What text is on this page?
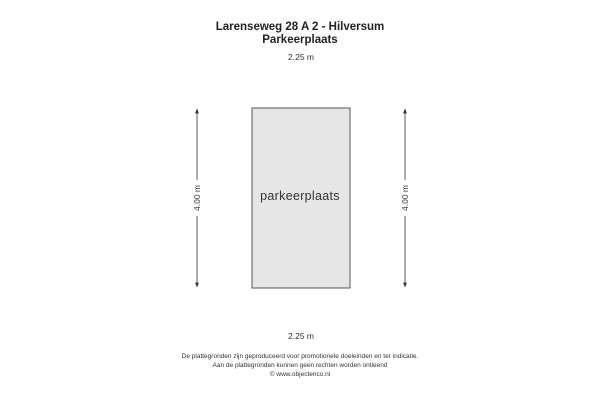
Larenseweg 28 A 2 - Hilversum
Parkeerplaats
2.25 m
2.25 m
4.00 m	4.00 m
parkeerplaats
De plattegronden zijn geproduceerd voor promotionele doeleinden en ter indicatie.
Aan de plattegronden kunnen geen rechten worden ontleend
© www.objectenco.nl
